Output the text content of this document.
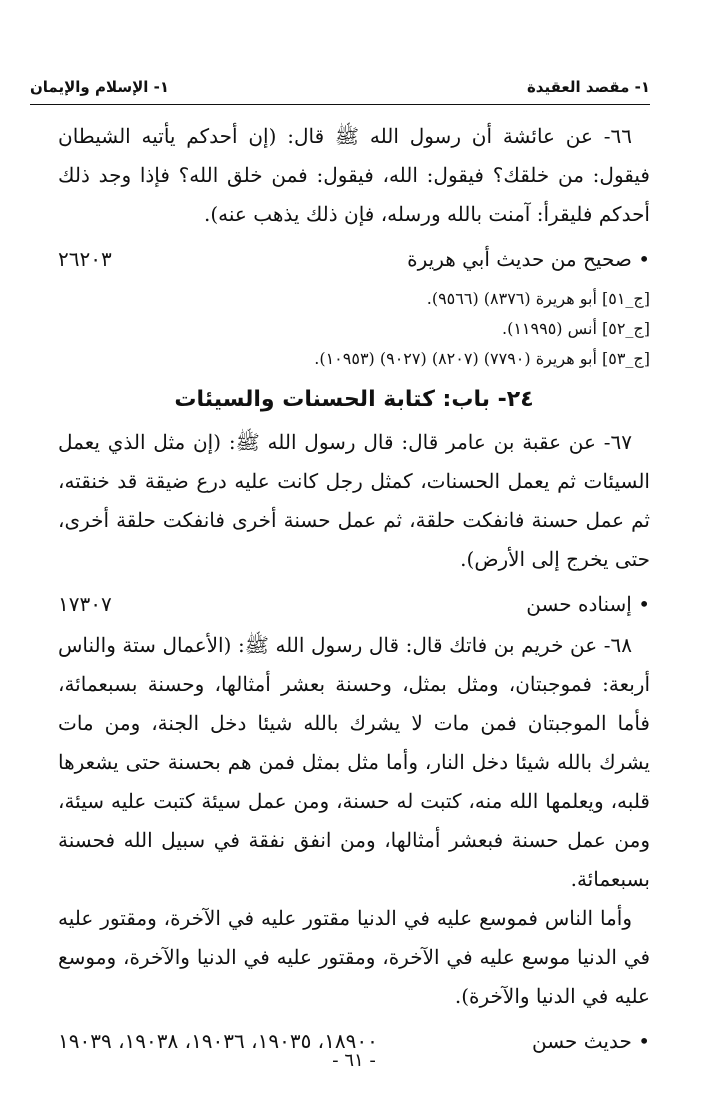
١- مقصد العقيدة
١- الإسلام والإيمان

٦٦- عن عائشة أن رسول الله ﷺ قال: (إن أحدكم يأتيه الشيطان فيقول: من خلقك؟ فيقول: الله، فيقول: فمن خلق الله؟ فإذا وجد ذلك أحدكم فليقرأ: آمنت بالله ورسله، فإن ذلك يذهب عنه).

• صحيح من حديث أبي هريرة
٢٦٢٠٣

[ج_٥١] أبو هريرة (٨٣٧٦) (٩٥٦٦).

[ج_٥٢] أنس (١١٩٩٥).

[ج_٥٣] أبو هريرة (٧٧٩٠) (٨٢٠٧) (٩٠٢٧) (١٠٩٥٣).

٢٤- باب: كتابة الحسنات والسيئات

٦٧- عن عقبة بن عامر قال: قال رسول الله ﷺ: (إن مثل الذي يعمل السيئات ثم يعمل الحسنات، كمثل رجل كانت عليه درع ضيقة قد خنقته، ثم عمل حسنة فانفكت حلقة، ثم عمل حسنة أخرى فانفكت حلقة أخرى، حتى يخرج إلى الأرض).

• إسناده حسن
١٧٣٠٧

٦٨- عن خريم بن فاتك قال: قال رسول الله ﷺ: (الأعمال ستة والناس أربعة: فموجبتان، ومثل بمثل، وحسنة بعشر أمثالها، وحسنة بسبعمائة، فأما الموجبتان فمن مات لا يشرك بالله شيئا دخل الجنة، ومن مات يشرك بالله شيئا دخل النار، وأما مثل بمثل فمن هم بحسنة حتى يشعرها قلبه، ويعلمها الله منه، كتبت له حسنة، ومن عمل سيئة كتبت عليه سيئة، ومن عمل حسنة فبعشر أمثالها، ومن انفق نفقة في سبيل الله فحسنة بسبعمائة.

وأما الناس فموسع عليه في الدنيا مقتور عليه في الآخرة، ومقتور عليه في الدنيا موسع عليه في الآخرة، ومقتور عليه في الدنيا والآخرة، وموسع عليه في الدنيا والآخرة).

• حديث حسن
١٨٩٠٠، ١٩٠٣٥، ١٩٠٣٦، ١٩٠٣٨، ١٩٠٣٩
- ٦١ -
